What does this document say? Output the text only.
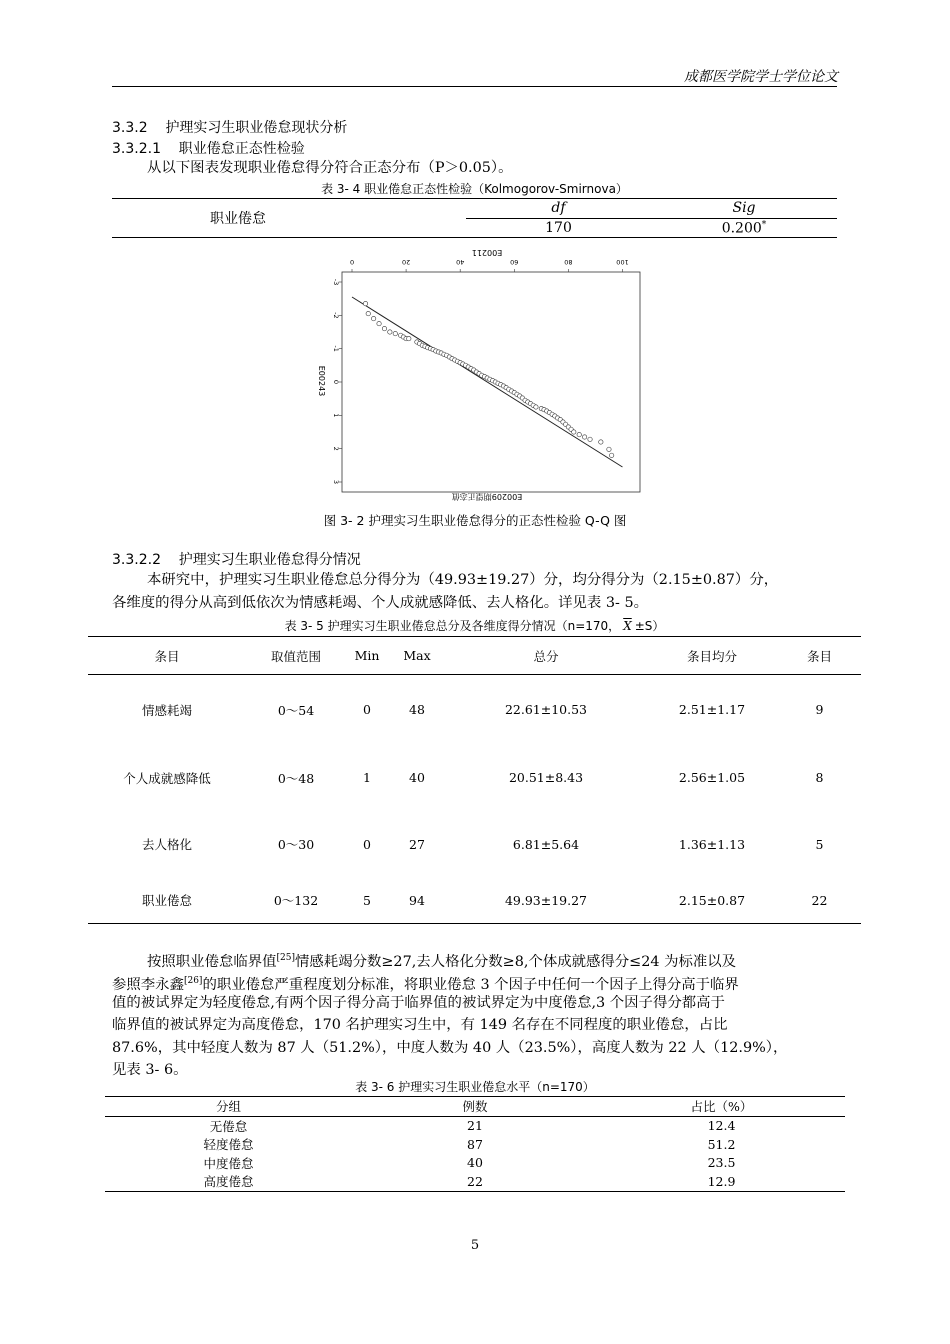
成都医学院学士学位论文
3.3.2 护理实习生职业倦怠现状分析
3.3.2.1 职业倦怠正态性检验
从以下图表发现职业倦怠得分符合正态分布（P＞0.05）。
表 3- 4 职业倦怠正态性检验（Kolmogorov-Smirnova）
职业倦怠
df	Sig
170	0.200*
0	20	40	60	80	100
-3
-2
-1
0
1
2
3
E00211
E00243
E00209期望正态值
图 3- 2 护理实习生职业倦怠得分的正态性检验 Q-Q 图
3.3.2.2 护理实习生职业倦怠得分情况
本研究中，护理实习生职业倦怠总分得分为（49.93±19.27）分，均分得分为（2.15±0.87）分，
各维度的得分从高到低依次为情感耗竭、个人成就感降低、去人格化。详见表 3- 5。
表 3- 5 护理实习生职业倦怠总分及各维度得分情况（n=170， $\overline{X} \pm S$）
条目	取值范围	Min	Max	总分	条目均分	条目
情感耗竭	0～54	0	48	22.61±10.53	2.51±1.17	9
个人成就感降低	0～48	1	40	20.51±8.43	2.56±1.05	8
去人格化	0～30	0	27	6.81±5.64	1.36±1.13	5
职业倦怠	0～132	5	94	49.93±19.27	2.15±0.87	22
按照职业倦怠临界值[25]情感耗竭分数≥27,去人格化分数≥8,个体成就感得分≤24 为标准以及
参照李永鑫[26]的职业倦怠严重程度划分标准，将职业倦怠 3 个因子中任何一个因子上得分高于临界
值的被试界定为轻度倦怠,有两个因子得分高于临界值的被试界定为中度倦怠,3 个因子得分都高于
临界值的被试界定为高度倦怠，170 名护理实习生中，有 149 名存在不同程度的职业倦怠，占比
87.6%，其中轻度人数为 87 人（51.2%），中度人数为 40 人（23.5%），高度人数为 22 人（12.9%），
见表 3- 6。
表 3- 6 护理实习生职业倦怠水平（n=170）
分组	例数	占比（%）
无倦怠	21	12.4
轻度倦怠	87	51.2
中度倦怠	40	23.5
高度倦怠	22	12.9
5
